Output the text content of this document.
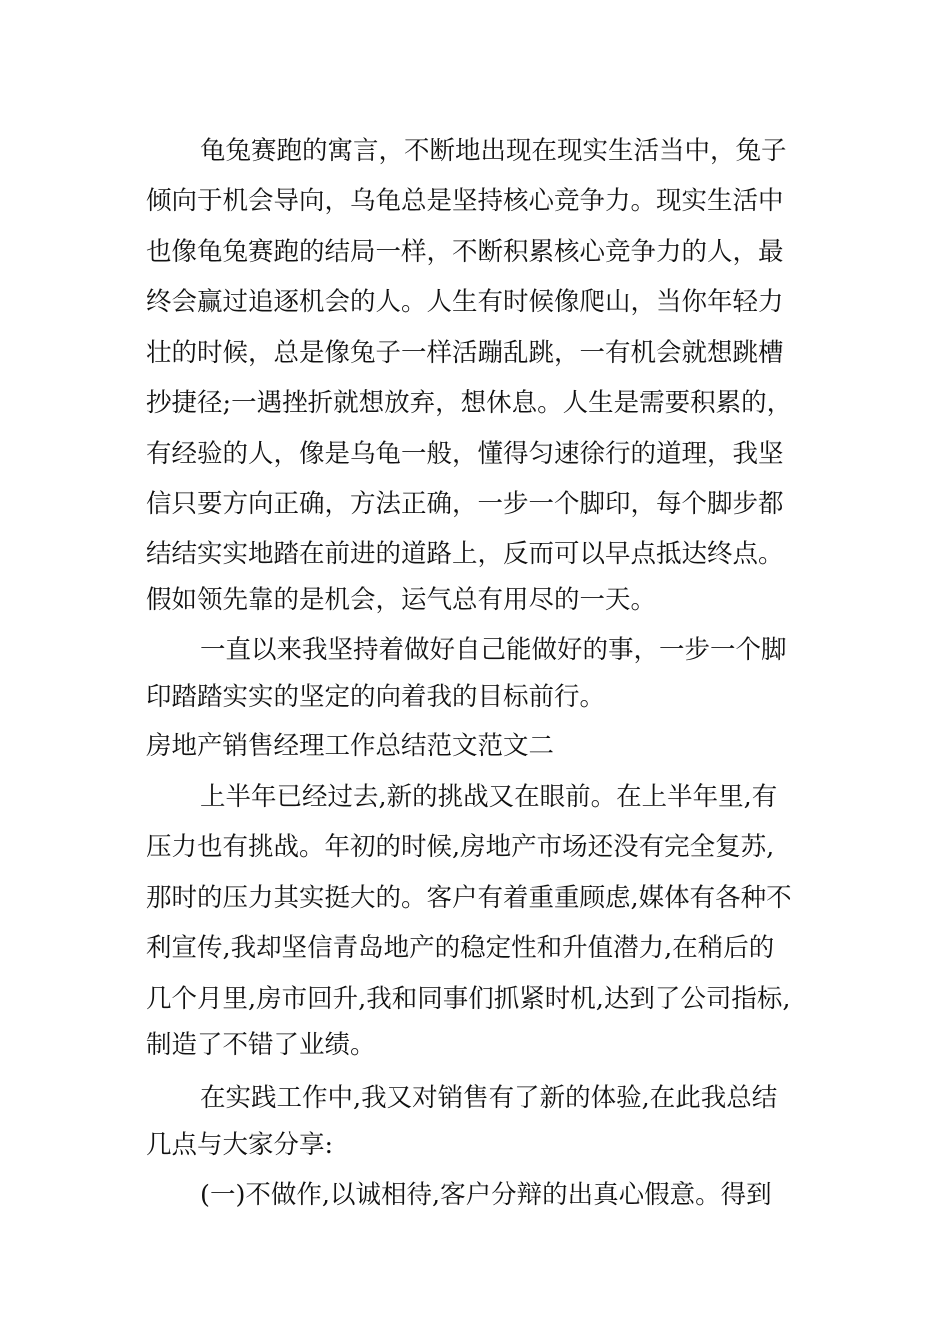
龟兔赛跑的寓言，不断地出现在现实生活当中，兔子
倾向于机会导向，乌龟总是坚持核心竞争力。现实生活中
也像龟兔赛跑的结局一样，不断积累核心竞争力的人，最
终会赢过追逐机会的人。人生有时候像爬山，当你年轻力
壮的时候，总是像兔子一样活蹦乱跳，一有机会就想跳槽
抄捷径;一遇挫折就想放弃，想休息。人生是需要积累的，
有经验的人，像是乌龟一般，懂得匀速徐行的道理，我坚
信只要方向正确，方法正确，一步一个脚印，每个脚步都
结结实实地踏在前进的道路上，反而可以早点抵达终点。
假如领先靠的是机会，运气总有用尽的一天。
一直以来我坚持着做好自己能做好的事，一步一个脚
印踏踏实实的坚定的向着我的目标前行。
房地产销售经理工作总结范文范文二
上半年已经过去,新的挑战又在眼前。在上半年里,有
压力也有挑战。年初的时候,房地产市场还没有完全复苏,
那时的压力其实挺大的。客户有着重重顾虑,媒体有各种不
利宣传,我却坚信青岛地产的稳定性和升值潜力,在稍后的
几个月里,房市回升,我和同事们抓紧时机,达到了公司指标,
制造了不错了业绩。
在实践工作中,我又对销售有了新的体验,在此我总结
几点与大家分享:
(一)不做作,以诚相待,客户分辩的出真心假意。得到
